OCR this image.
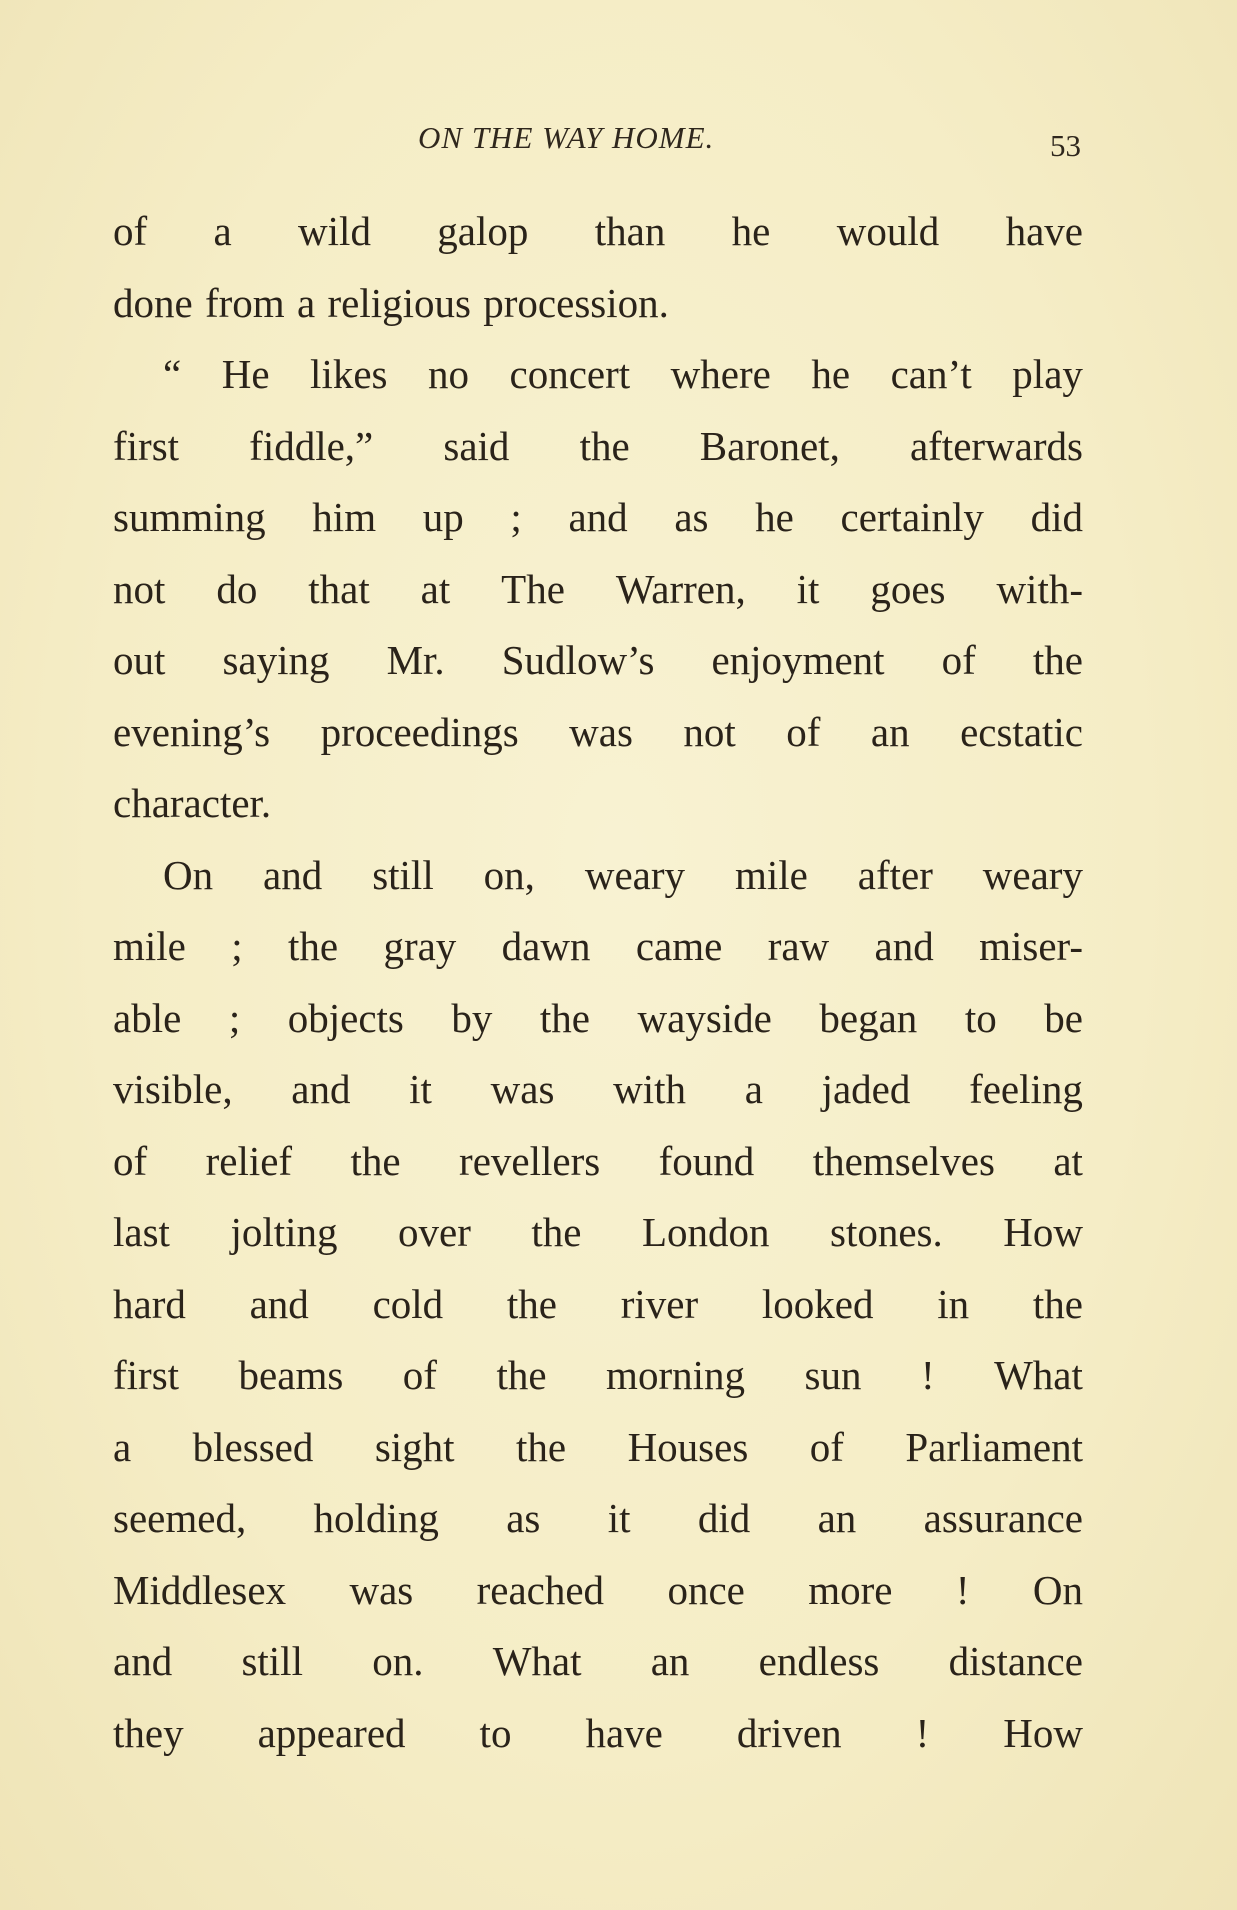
ON THE WAY HOME.	53
of a wild galop than he would have
done from a religious procession.
“ He likes no concert where he can’t play
first fiddle,” said the Baronet, afterwards
summing him up ; and as he certainly did
not do that at The Warren, it goes with-
out saying Mr. Sudlow’s enjoyment of the
evening’s proceedings was not of an ecstatic
character.
On and still on, weary mile after weary
mile ; the gray dawn came raw and miser-
able ; objects by the wayside began to be
visible, and it was with a jaded feeling
of relief the revellers found themselves at
last jolting over the London stones. How
hard and cold the river looked in the
first beams of the morning sun ! What
a blessed sight the Houses of Parliament
seemed, holding as it did an assurance
Middlesex was reached once more ! On
and still on. What an endless distance
they appeared to have driven ! How
